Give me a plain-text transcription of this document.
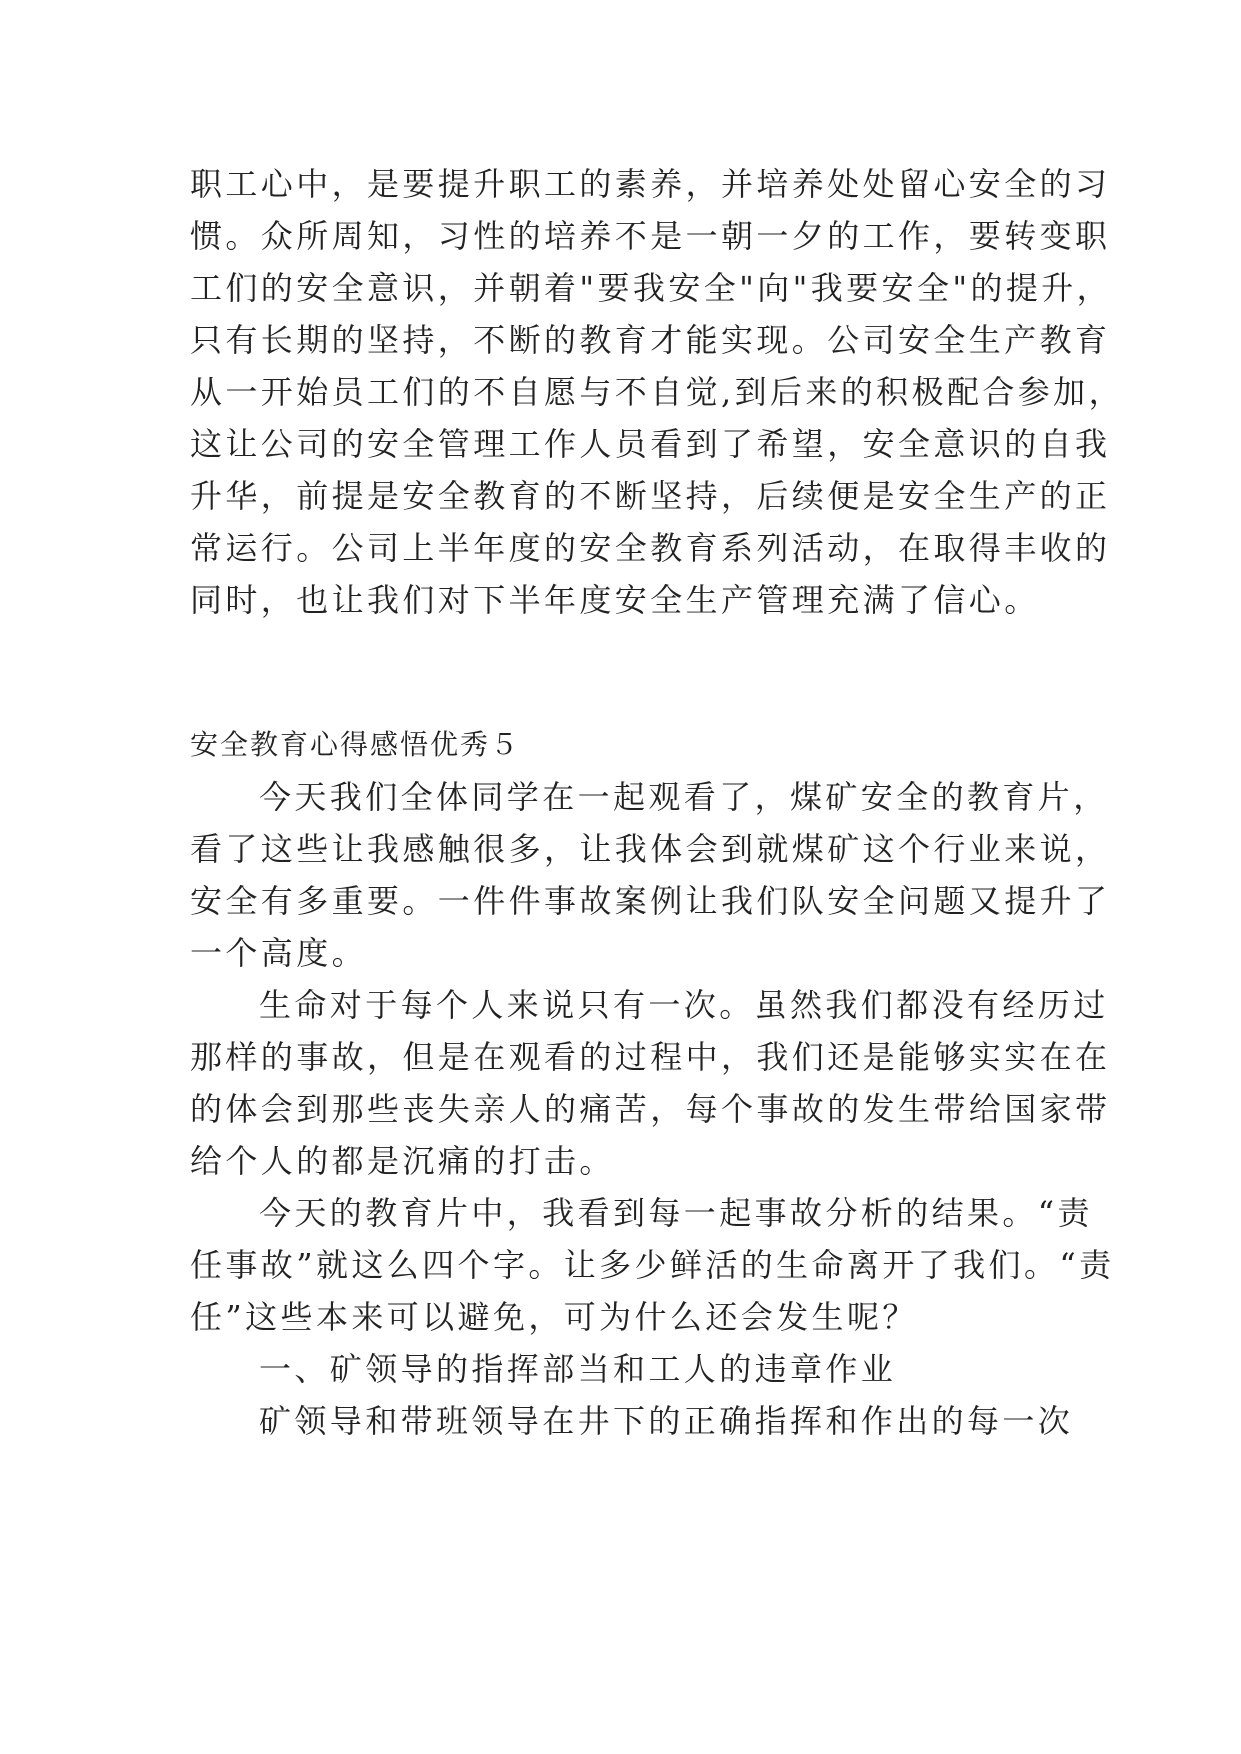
职工心中，是要提升职工的素养，并培养处处留心安全的习
惯。众所周知，习性的培养不是一朝一夕的工作，要转变职
工们的安全意识，并朝着"要我安全"向"我要安全"的提升，
只有长期的坚持，不断的教育才能实现。公司安全生产教育
从一开始员工们的不自愿与不自觉,到后来的积极配合参加，
这让公司的安全管理工作人员看到了希望，安全意识的自我
升华，前提是安全教育的不断坚持，后续便是安全生产的正
常运行。公司上半年度的安全教育系列活动，在取得丰收的
同时，也让我们对下半年度安全生产管理充满了信心。
安全教育心得感悟优秀５
今天我们全体同学在一起观看了，煤矿安全的教育片，
看了这些让我感触很多，让我体会到就煤矿这个行业来说，
安全有多重要。一件件事故案例让我们队安全问题又提升了
一个高度。
生命对于每个人来说只有一次。虽然我们都没有经历过
那样的事故，但是在观看的过程中，我们还是能够实实在在
的体会到那些丧失亲人的痛苦，每个事故的发生带给国家带
给个人的都是沉痛的打击。
今天的教育片中，我看到每一起事故分析的结果。“责
任事故”就这么四个字。让多少鲜活的生命离开了我们。“责
任”这些本来可以避免，可为什么还会发生呢？
一、矿领导的指挥部当和工人的违章作业
矿领导和带班领导在井下的正确指挥和作出的每一次
